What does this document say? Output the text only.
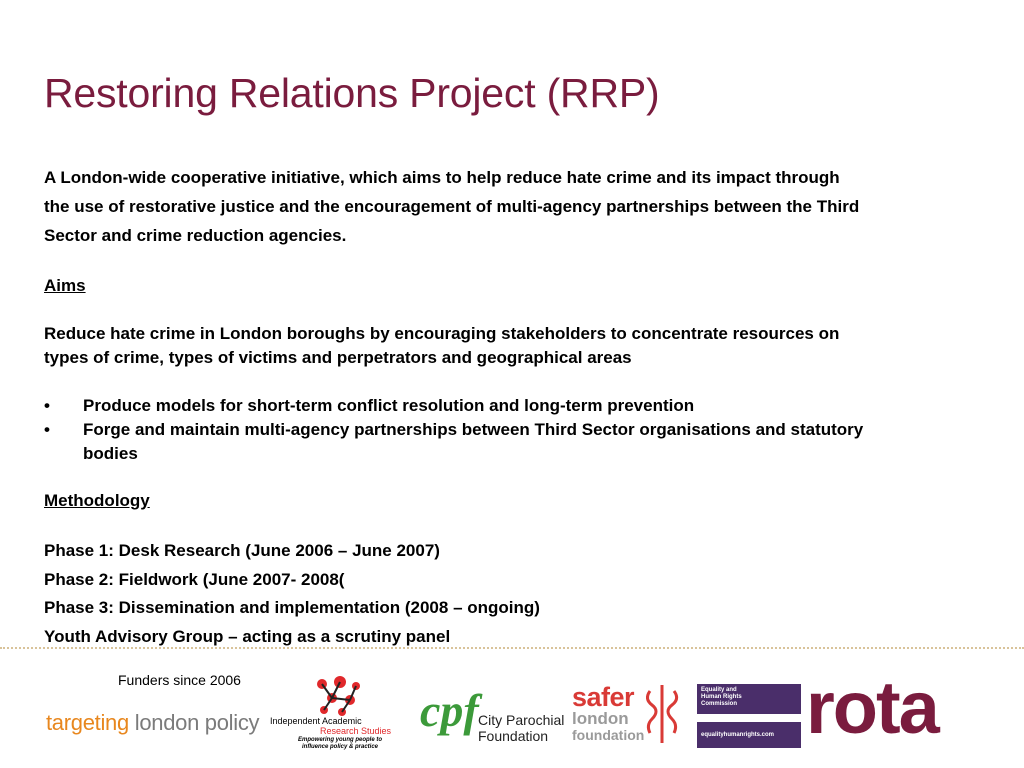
Restoring Relations Project (RRP)

A London-wide cooperative initiative, which aims to help reduce hate crime and its impact through the use of restorative justice and the encouragement of multi-agency partnerships between the Third Sector and crime reduction agencies.

Aims

Reduce hate crime in London boroughs by encouraging stakeholders to concentrate resources on types of crime, types of victims and perpetrators and geographical areas

• Produce models for short-term conflict resolution and long-term prevention
• Forge and maintain multi-agency partnerships between Third Sector organisations and statutory bodies
Methodology
Phase 1: Desk Research (June 2006 – June 2007)
Phase 2: Fieldwork (June 2007- 2008(
Phase 3: Dissemination and implementation (2008 – ongoing)
Youth Advisory Group – acting as a scrutiny panel
Funders since 2006
targeting london policy Independent Academic
Research Studies
Empowering young people to influence policy & practice
cpf City Parochial
Foundation
safer
london
foundation
Equality and
Human Rights
Commission
equalityhumanrights.com rota
